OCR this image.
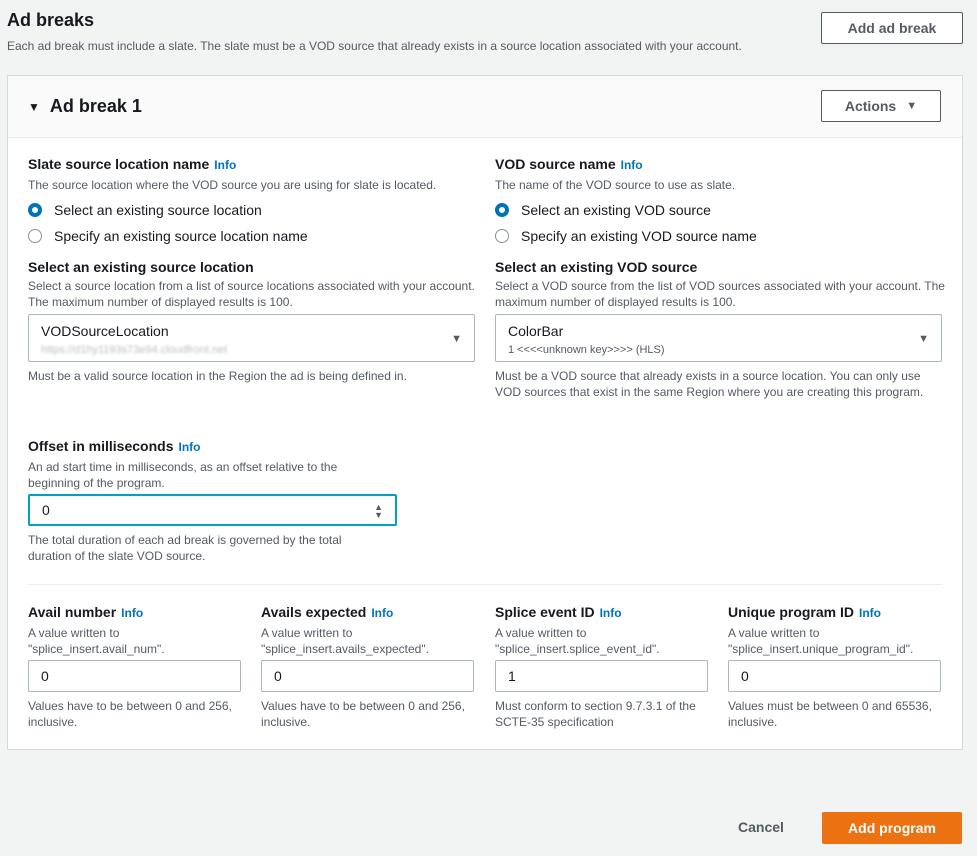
Ad breaks
Each ad break must include a slate. The slate must be a VOD source that already exists in a source location associated with your account.
Add ad break
▼ Ad break 1	Actions ▼
Slate source location name Info
The source location where the VOD source you are using for slate is located.
Select an existing source location
Specify an existing source location name
Select an existing source location
Select a source location from a list of source locations associated with your account. The maximum number of displayed results is 100.
VODSourceLocation
https://d1hy1193s73e94.cloudfront.net
▼
Must be a valid source location in the Region the ad is being defined in.
VOD source name Info
The name of the VOD source to use as slate.
Select an existing VOD source
Specify an existing VOD source name
Select an existing VOD source
Select a VOD source from the list of VOD sources associated with your account. The maximum number of displayed results is 100.
ColorBar
1 <<<<unknown key>>>> (HLS)
▼
Must be a VOD source that already exists in a source location. You can only use VOD sources that exist in the same Region where you are creating this program.
Offset in milliseconds Info
An ad start time in milliseconds, as an offset relative to the beginning of the program.
0	▲
▼
The total duration of each ad break is governed by the total duration of the slate VOD source.
Avail number Info
A value written to "splice_insert.avail_num".
0
Values have to be between 0 and 256, inclusive.
Avails expected Info
A value written to "splice_insert.avails_expected".
0
Values have to be between 0 and 256, inclusive.
Splice event ID Info
A value written to "splice_insert.splice_event_id".
1
Must conform to section 9.7.3.1 of the SCTE-35 specification
Unique program ID Info
A value written to "splice_insert.unique_program_id".
0
Values must be between 0 and 65536, inclusive.
Cancel	Add program
